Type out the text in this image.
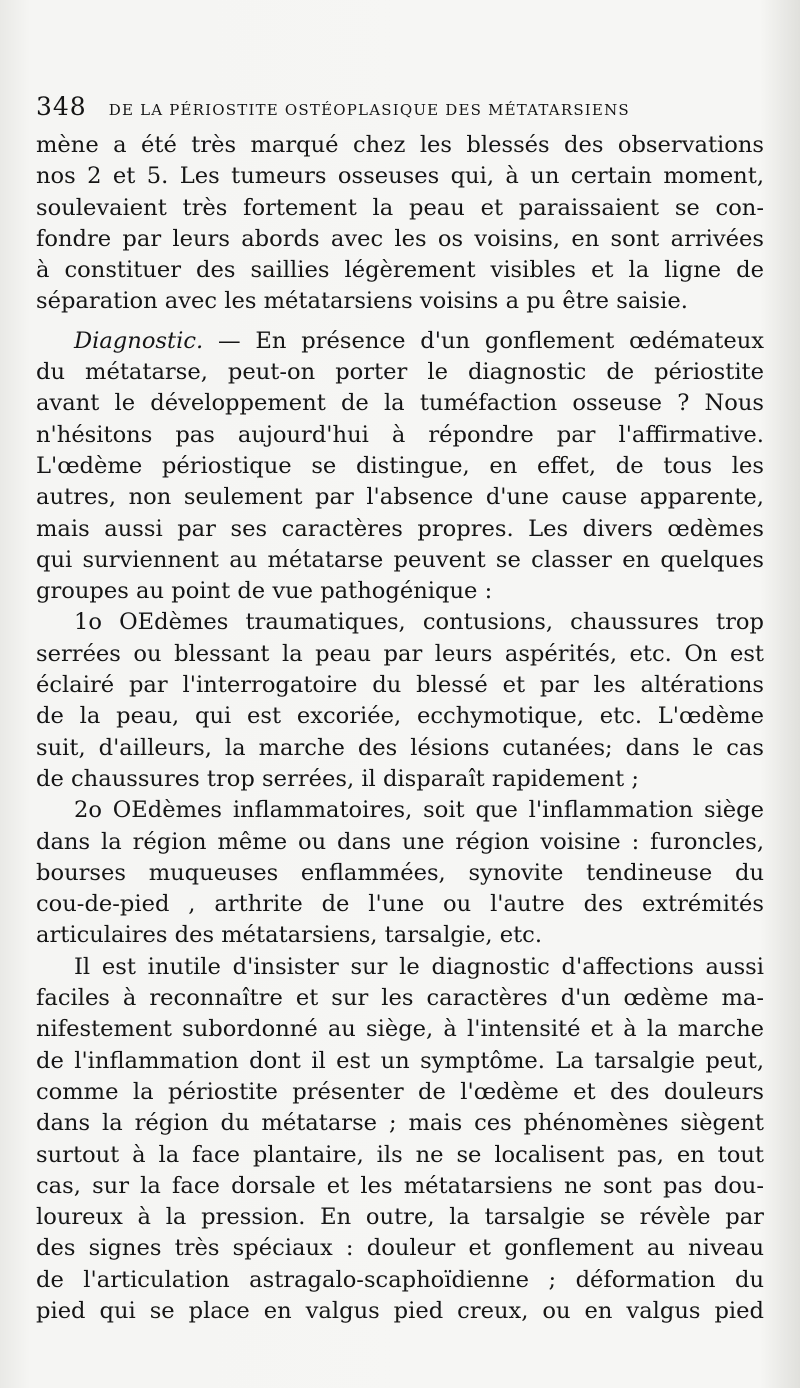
348 DE LA PÉRIOSTITE OSTÉOPLASIQUE DES MÉTATARSIENS
mène a été très marqué chez les blessés des observations
nos 2 et 5. Les tumeurs osseuses qui, à un certain moment,
soulevaient très fortement la peau et paraissaient se con-
fondre par leurs abords avec les os voisins, en sont arrivées
à constituer des saillies légèrement visibles et la ligne de
séparation avec les métatarsiens voisins a pu être saisie.
Diagnostic. — En présence d'un gonflement œdémateux
du métatarse, peut-on porter le diagnostic de périostite
avant le développement de la tuméfaction osseuse ? Nous
n'hésitons pas aujourd'hui à répondre par l'affirmative.
L'œdème périostique se distingue, en effet, de tous les
autres, non seulement par l'absence d'une cause apparente,
mais aussi par ses caractères propres. Les divers œdèmes
qui surviennent au métatarse peuvent se classer en quelques
groupes au point de vue pathogénique :
1o OEdèmes traumatiques, contusions, chaussures trop
serrées ou blessant la peau par leurs aspérités, etc. On est
éclairé par l'interrogatoire du blessé et par les altérations
de la peau, qui est excoriée, ecchymotique, etc. L'œdème
suit, d'ailleurs, la marche des lésions cutanées; dans le cas
de chaussures trop serrées, il disparaît rapidement ;
2o OEdèmes inflammatoires, soit que l'inflammation siège
dans la région même ou dans une région voisine : furoncles,
bourses muqueuses enflammées, synovite tendineuse du
cou-de-pied , arthrite de l'une ou l'autre des extrémités
articulaires des métatarsiens, tarsalgie, etc.
Il est inutile d'insister sur le diagnostic d'affections aussi
faciles à reconnaître et sur les caractères d'un œdème ma-
nifestement subordonné au siège, à l'intensité et à la marche
de l'inflammation dont il est un symptôme. La tarsalgie peut,
comme la périostite présenter de l'œdème et des douleurs
dans la région du métatarse ; mais ces phénomènes siègent
surtout à la face plantaire, ils ne se localisent pas, en tout
cas, sur la face dorsale et les métatarsiens ne sont pas dou-
loureux à la pression. En outre, la tarsalgie se révèle par
des signes très spéciaux : douleur et gonflement au niveau
de l'articulation astragalo-scaphoïdienne ; déformation du
pied qui se place en valgus pied creux, ou en valgus pied
